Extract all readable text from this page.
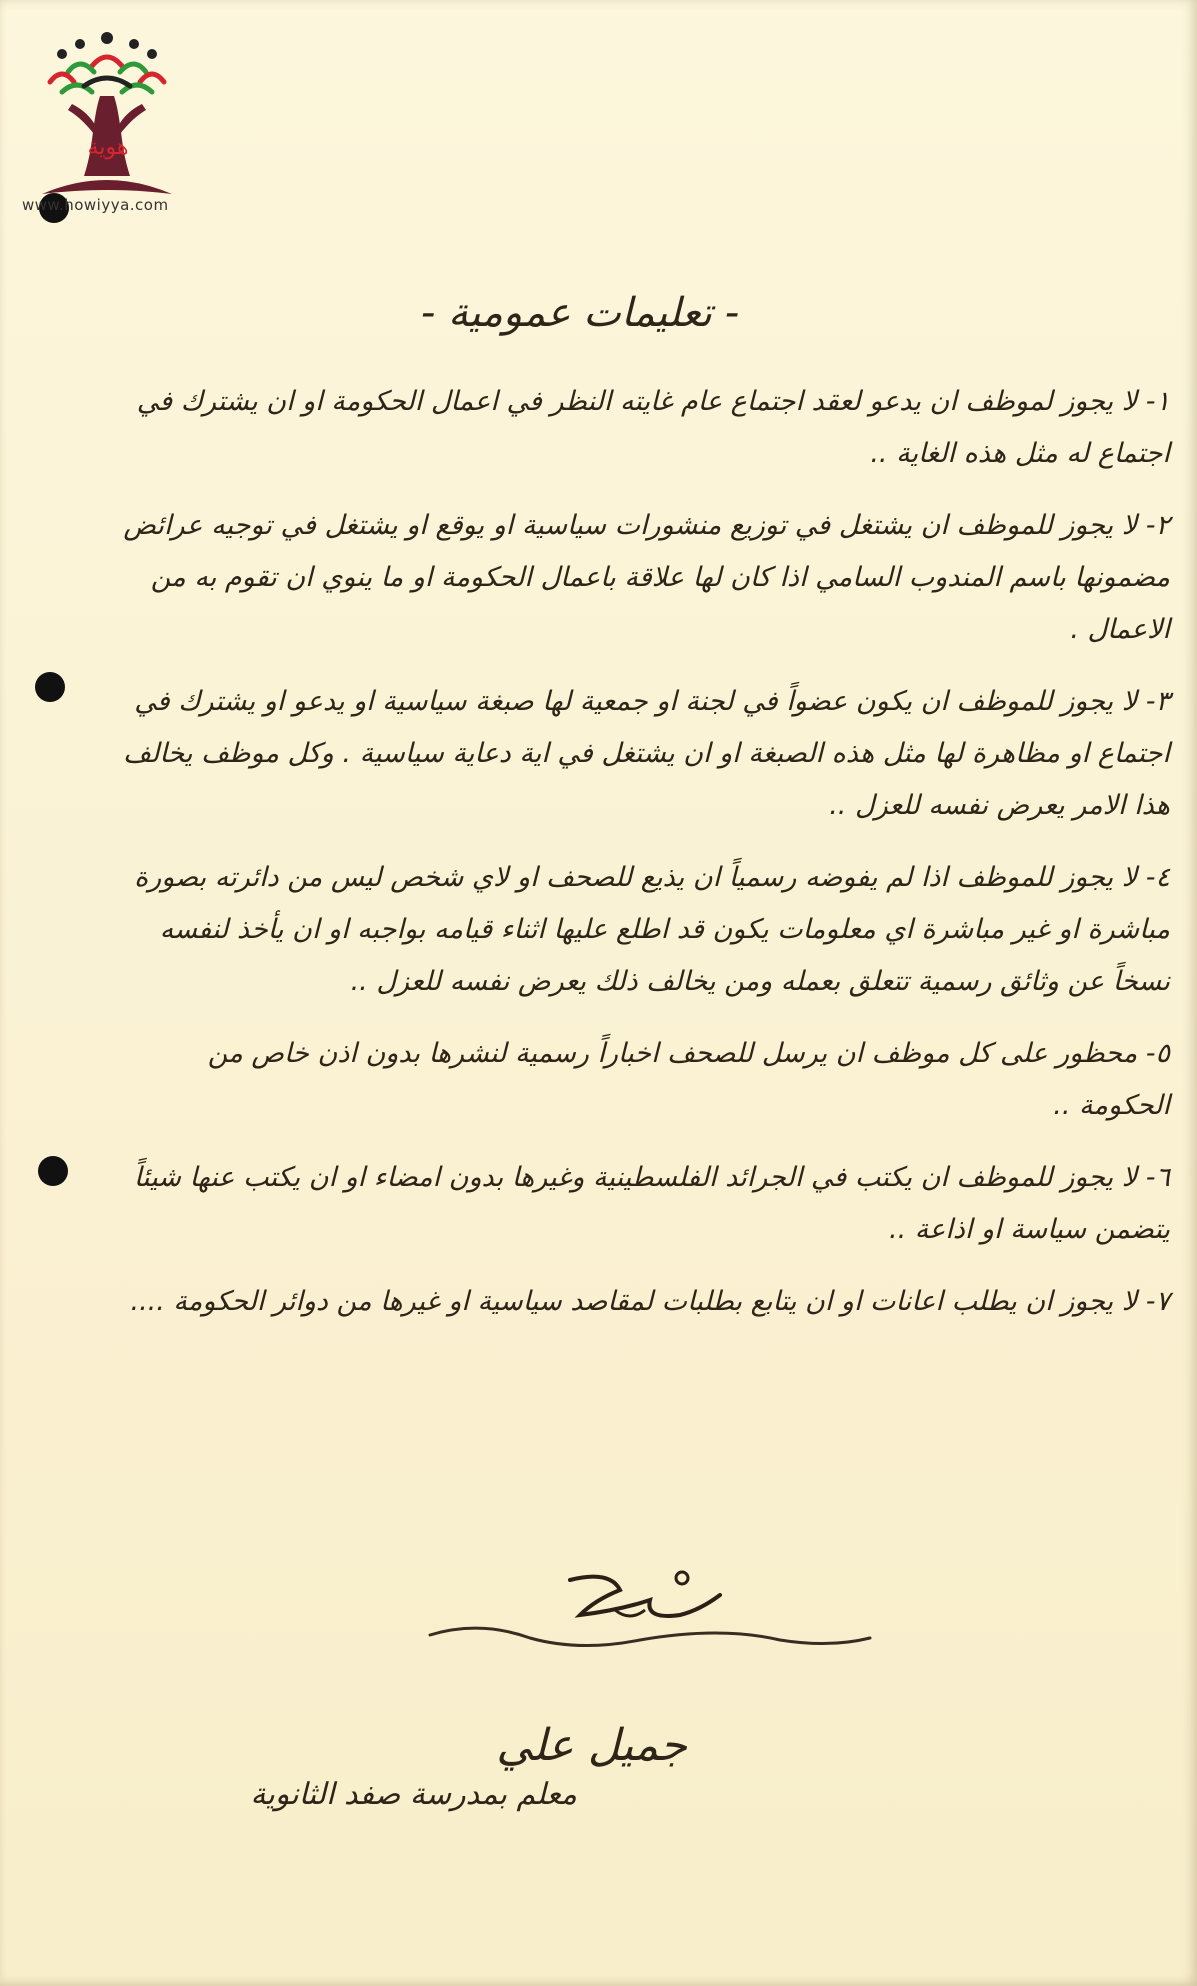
هوية
www.howiyya.com
- تعليمات عمومية -
١- لا يجوز لموظف ان يدعو لعقد اجتماع عام غايته النظر في اعمال الحكومة او ان يشترك في اجتماع له مثل هذه الغاية ..
٢- لا يجوز للموظف ان يشتغل في توزيع منشورات سياسية او يوقع او يشتغل في توجيه عرائض مضمونها باسم المندوب السامي اذا كان لها علاقة باعمال الحكومة او ما ينوي ان تقوم به من الاعمال .
٣- لا يجوز للموظف ان يكون عضواً في لجنة او جمعية لها صبغة سياسية او يدعو او يشترك في اجتماع او مظاهرة لها مثل هذه الصبغة او ان يشتغل في اية دعاية سياسية . وكل موظف يخالف هذا الامر يعرض نفسه للعزل ..
٤- لا يجوز للموظف اذا لم يفوضه رسمياً ان يذيع للصحف او لاي شخص ليس من دائرته بصورة مباشرة او غير مباشرة اي معلومات يكون قد اطلع عليها اثناء قيامه بواجبه او ان يأخذ لنفسه نسخاً عن وثائق رسمية تتعلق بعمله ومن يخالف ذلك يعرض نفسه للعزل ..
٥- محظور على كل موظف ان يرسل للصحف اخباراً رسمية لنشرها بدون اذن خاص من الحكومة ..
٦- لا يجوز للموظف ان يكتب في الجرائد الفلسطينية وغيرها بدون امضاء او ان يكتب عنها شيئاً يتضمن سياسة او اذاعة ..
٧- لا يجوز ان يطلب اعانات او ان يتابع بطلبات لمقاصد سياسية او غيرها من دوائر الحكومة ....
جميل علي
معلم بمدرسة صفد الثانوية
